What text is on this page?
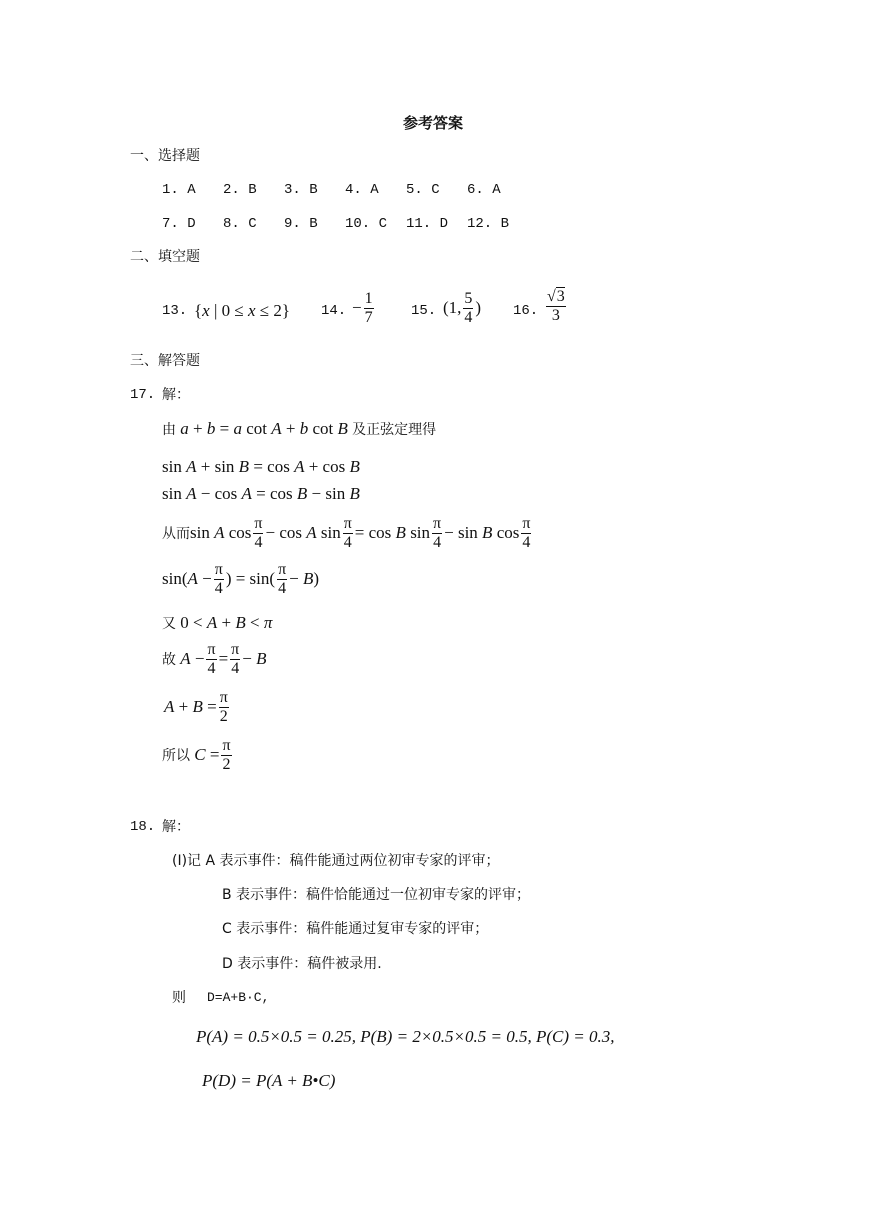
参考答案
一、选择题
1. A 2. B 3. B 4. A 5. C 6. A
7. D 8. C 9. B 10. C 11. D 12. B
二、填空题
13. {x | 0 ≤ x ≤ 2} 14. − $\frac{1}{7}$	15. (1, $\frac{5}{4}$ ) 16. $\frac{√3}{3}$
三、解答题
17. 解：
由 a + b = a cot A + b cot B 及正弦定理得
sin A + sin B = cos A + cos B
sin A − cos A = cos B − sin B
从而sin A $\cos \frac{\pi}{4} - \cos A$ $\sin \frac{\pi}{4} = \cos B$ $\sin \frac{\pi}{4} - \sin B$ $\cos \frac{\pi}{4}$
$\sin(A - \frac{\pi}{4}$ ) = $\sin( \frac{\pi}{4} - B)$
又 0 < A + B < π
故 $A - \frac{\pi}{4} = \frac{\pi}{4} - B$
$A + B = \frac{\pi}{2}$
所以 $C = \frac{\pi}{2}$
18. 解：
(Ⅰ)记 A 表示事件：稿件能通过两位初审专家的评审；
B 表示事件：稿件恰能通过一位初审专家的评审；
C 表示事件：稿件能通过复审专家的评审；
D 表示事件：稿件被录用.
则 D=A+B·C,
P(A) = 0.5×0.5 = 0.25, P(B) = 2×0.5×0.5 = 0.5, P(C) = 0.3,
P(D) = P(A + B•C)
